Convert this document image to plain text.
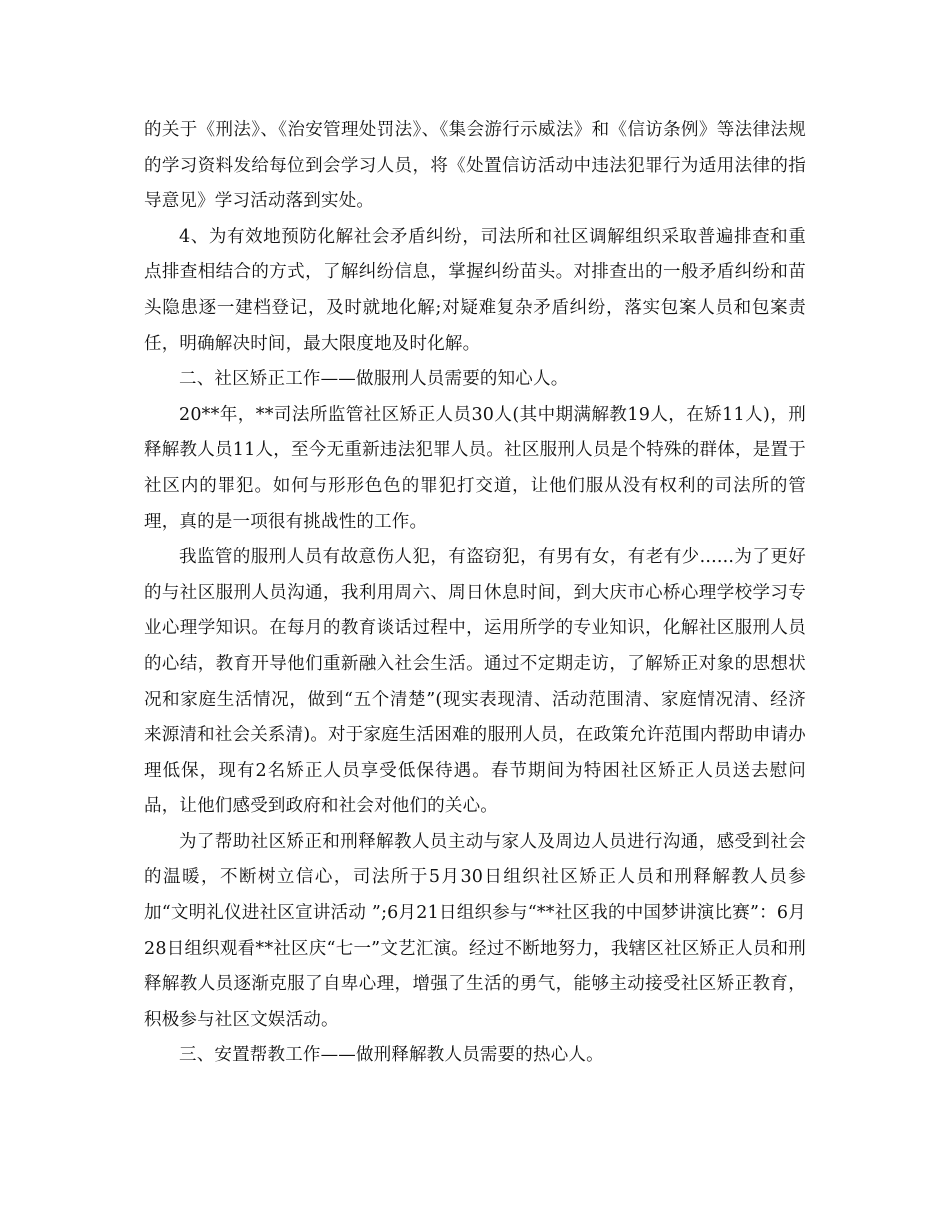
的关于《刑法》、《治安管理处罚法》、《集会游行示威法》和《信访条例》等法律法规的学习资料发给每位到会学习人员，将《处置信访活动中违法犯罪行为适用法律的指导意见》学习活动落到实处。

4、为有效地预防化解社会矛盾纠纷，司法所和社区调解组织采取普遍排查和重点排查相结合的方式，了解纠纷信息，掌握纠纷苗头。对排查出的一般矛盾纠纷和苗头隐患逐一建档登记，及时就地化解;对疑难复杂矛盾纠纷，落实包案人员和包案责任，明确解决时间，最大限度地及时化解。

二、社区矫正工作——做服刑人员需要的知心人。

20**年，**司法所监管社区矫正人员30人(其中期满解教19人，在矫11人)，刑释解教人员11人，至今无重新违法犯罪人员。社区服刑人员是个特殊的群体，是置于社区内的罪犯。如何与形形色色的罪犯打交道，让他们服从没有权利的司法所的管理，真的是一项很有挑战性的工作。

我监管的服刑人员有故意伤人犯，有盗窃犯，有男有女，有老有少......为了更好的与社区服刑人员沟通，我利用周六、周日休息时间，到大庆市心桥心理学校学习专业心理学知识。在每月的教育谈话过程中，运用所学的专业知识，化解社区服刑人员的心结，教育开导他们重新融入社会生活。通过不定期走访，了解矫正对象的思想状况和家庭生活情况，做到“五个清楚”(现实表现清、活动范围清、家庭情况清、经济来源清和社会关系清)。对于家庭生活困难的服刑人员，在政策允许范围内帮助申请办理低保，现有2名矫正人员享受低保待遇。春节期间为特困社区矫正人员送去慰问品，让他们感受到政府和社会对他们的关心。

为了帮助社区矫正和刑释解教人员主动与家人及周边人员进行沟通，感受到社会的温暖，不断树立信心，司法所于5月30日组织社区矫正人员和刑释解教人员参加“文明礼仪进社区宣讲活动 ”;6月21日组织参与“**社区我的中国梦讲演比赛”：6月28日组织观看**社区庆“七一”文艺汇演。经过不断地努力，我辖区社区矫正人员和刑释解教人员逐渐克服了自卑心理，增强了生活的勇气，能够主动接受社区矫正教育，积极参与社区文娱活动。

三、安置帮教工作——做刑释解教人员需要的热心人。
